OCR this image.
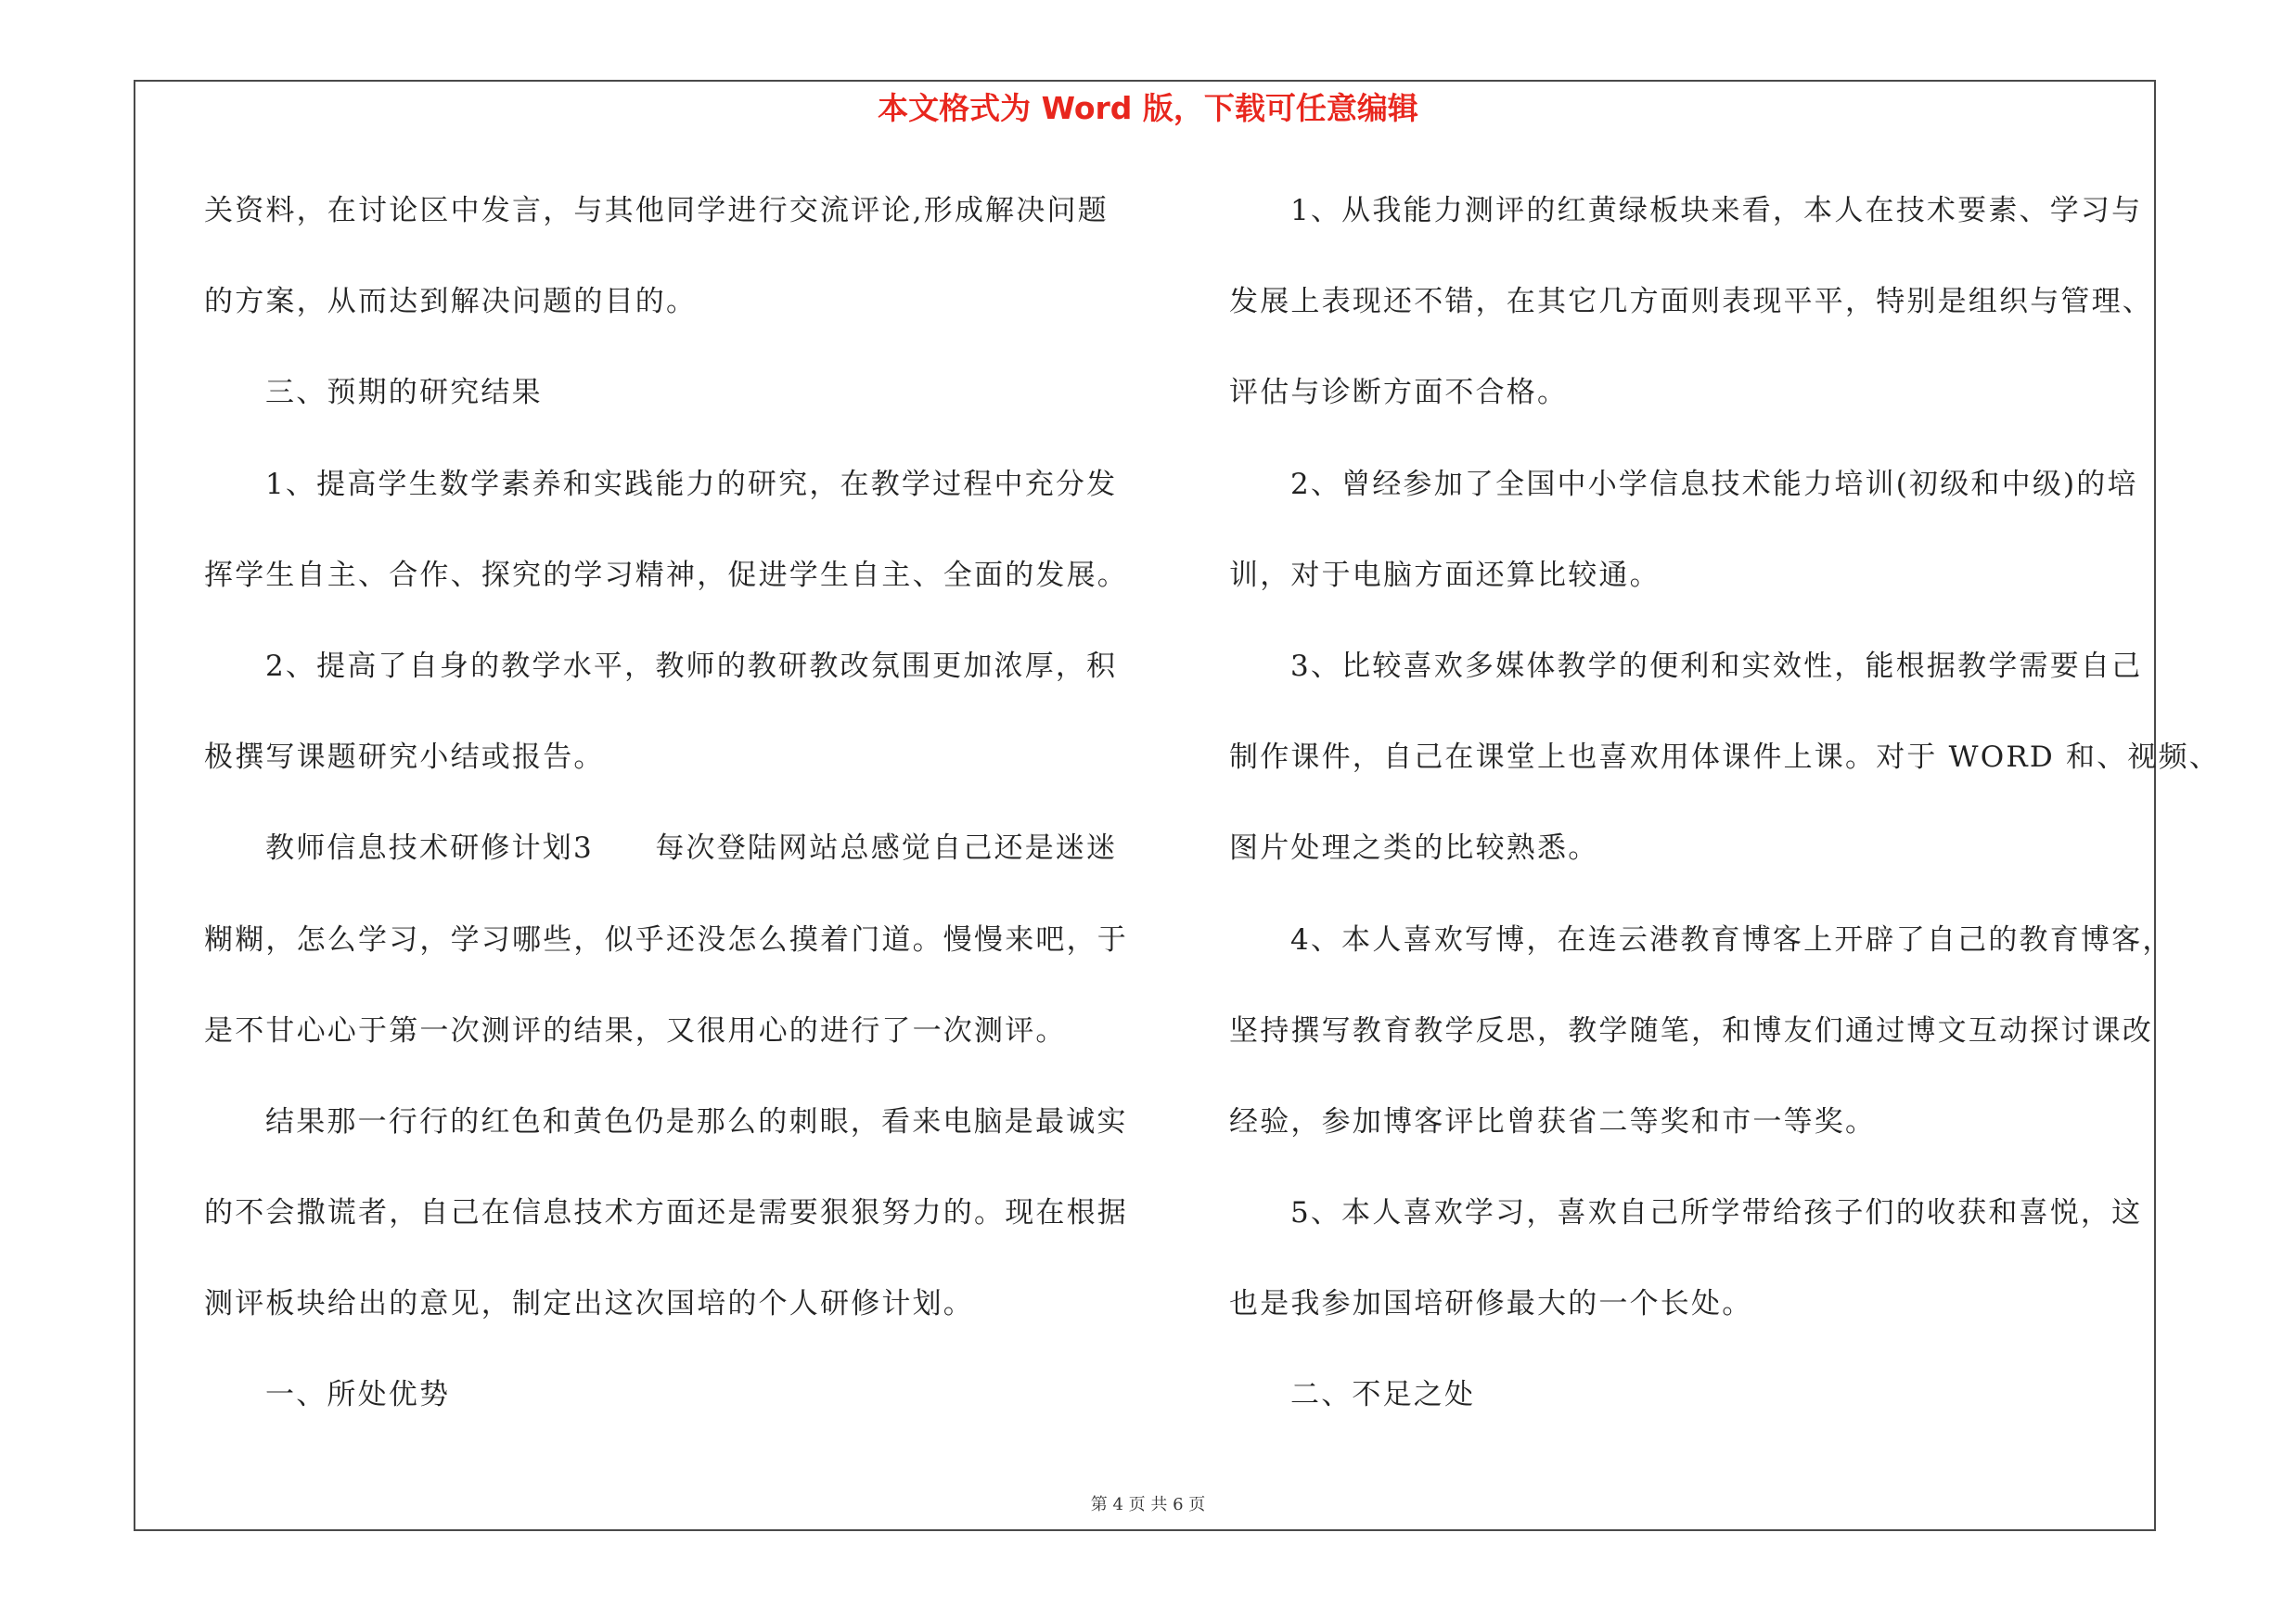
本文格式为 Word 版，下载可任意编辑

关资料，在讨论区中发言，与其他同学进行交流评论,形成解决问题

的方案，从而达到解决问题的目的。

三、预期的研究结果

1、提高学生数学素养和实践能力的研究，在教学过程中充分发

挥学生自主、合作、探究的学习精神，促进学生自主、全面的发展。

2、提高了自身的教学水平，教师的教研教改氛围更加浓厚，积

极撰写课题研究小结或报告。

教师信息技术研修计划3　　每次登陆网站总感觉自己还是迷迷

糊糊，怎么学习，学习哪些，似乎还没怎么摸着门道。慢慢来吧，于

是不甘心心于第一次测评的结果，又很用心的进行了一次测评。

结果那一行行的红色和黄色仍是那么的刺眼，看来电脑是最诚实

的不会撒谎者，自己在信息技术方面还是需要狠狠努力的。现在根据

测评板块给出的意见，制定出这次国培的个人研修计划。

一、所处优势

1、从我能力测评的红黄绿板块来看，本人在技术要素、学习与

发展上表现还不错，在其它几方面则表现平平，特别是组织与管理、

评估与诊断方面不合格。

2、曾经参加了全国中小学信息技术能力培训(初级和中级)的培

训，对于电脑方面还算比较通。

3、比较喜欢多媒体教学的便利和实效性，能根据教学需要自己

制作课件，自己在课堂上也喜欢用体课件上课。对于 WORD 和、视频、

图片处理之类的比较熟悉。

4、本人喜欢写博，在连云港教育博客上开辟了自己的教育博客，

坚持撰写教育教学反思，教学随笔，和博友们通过博文互动探讨课改

经验，参加博客评比曾获省二等奖和市一等奖。

5、本人喜欢学习，喜欢自己所学带给孩子们的收获和喜悦，这

也是我参加国培研修最大的一个长处。

二、不足之处

第 4 页 共 6 页
